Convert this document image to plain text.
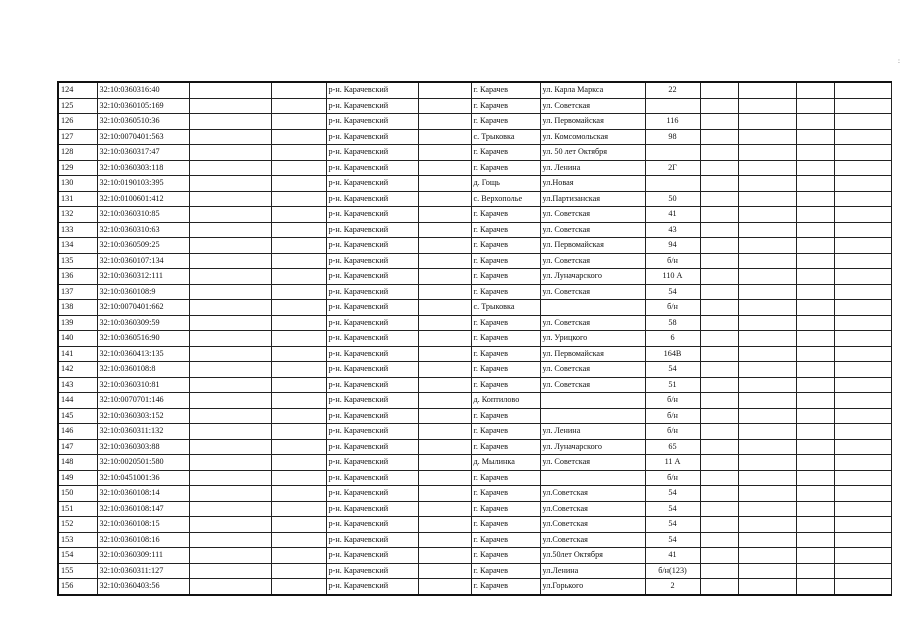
:
124	32:10:0360316:40			р-н. Карачевский		г. Карачев	ул. Карла Маркса	22				
125	32:10:0360105:169			р-н. Карачевский		г. Карачев	ул. Советская					
126	32:10:0360510:36			р-н. Карачевский		г. Карачев	ул. Первомайская	116				
127	32:10:0070401:563			р-н. Карачевский		с. Трыковка	ул. Комсомольская	98				
128	32:10:0360317:47			р-н. Карачевский		г. Карачев	ул. 50 лет Октября					
129	32:10:0360303:118			р-н. Карачевский		г. Карачев	ул. Ленина	2Г				
130	32:10:0190103:395			р-н. Карачевский		д. Гощь	ул.Новая					
131	32:10:0100601:412			р-н. Карачевский		с. Верхополье	ул.Партизанская	50				
132	32:10:0360310:85			р-н. Карачевский		г. Карачев	ул. Советская	41				
133	32:10:0360310:63			р-н. Карачевский		г. Карачев	ул. Советская	43				
134	32:10:0360509:25			р-н. Карачевский		г. Карачев	ул. Первомайская	94				
135	32:10:0360107:134			р-н. Карачевский		г. Карачев	ул. Советская	б/н				
136	32:10:0360312:111			р-н. Карачевский		г. Карачев	ул. Луначарского	110 А				
137	32:10:0360108:9			р-н. Карачевский		г. Карачев	ул. Советская	54				
138	32:10:0070401:662			р-н. Карачевский		с. Трыковка		б/н				
139	32:10:0360309:59			р-н. Карачевский		г. Карачев	ул. Советская	58				
140	32:10:0360516:90			р-н. Карачевский		г. Карачев	ул. Урицкого	6				
141	32:10:0360413:135			р-н. Карачевский		г. Карачев	ул. Первомайская	164В				
142	32:10:0360108:8			р-н. Карачевский		г. Карачев	ул. Советская	54				
143	32:10:0360310:81			р-н. Карачевский		г. Карачев	ул. Советская	51				
144	32:10:0070701:146			р-н. Карачевский		д. Коптилово		б/н				
145	32:10:0360303:152			р-н. Карачевский		г. Карачев		б/н				
146	32:10:0360311:132			р-н. Карачевский		г. Карачев	ул. Ленина	б/н				
147	32:10:0360303:88			р-н. Карачевский		г. Карачев	ул. Луначарского	65				
148	32:10:0020501:580			р-н. Карачевский		д. Мылинка	ул. Советская	11 А				
149	32:10:0451001:36			р-н. Карачевский		г. Карачев		б/н				
150	32:10:0360108:14			р-н. Карачевский		г. Карачев	ул.Советская	54				
151	32:10:0360108:147			р-н. Карачевский		г. Карачев	ул.Советская	54				
152	32:10:0360108:15			р-н. Карачевский		г. Карачев	ул.Советская	54				
153	32:10:0360108:16			р-н. Карачевский		г. Карачев	ул.Советская	54				
154	32:10:0360309:111			р-н. Карачевский		г. Карачев	ул.50лет Октября	41				
155	32:10:0360311:127			р-н. Карачевский		г. Карачев	ул.Ленина	б/н(123)				
156	32:10:0360403:56			р-н. Карачевский		г. Карачев	ул.Горького	2				
